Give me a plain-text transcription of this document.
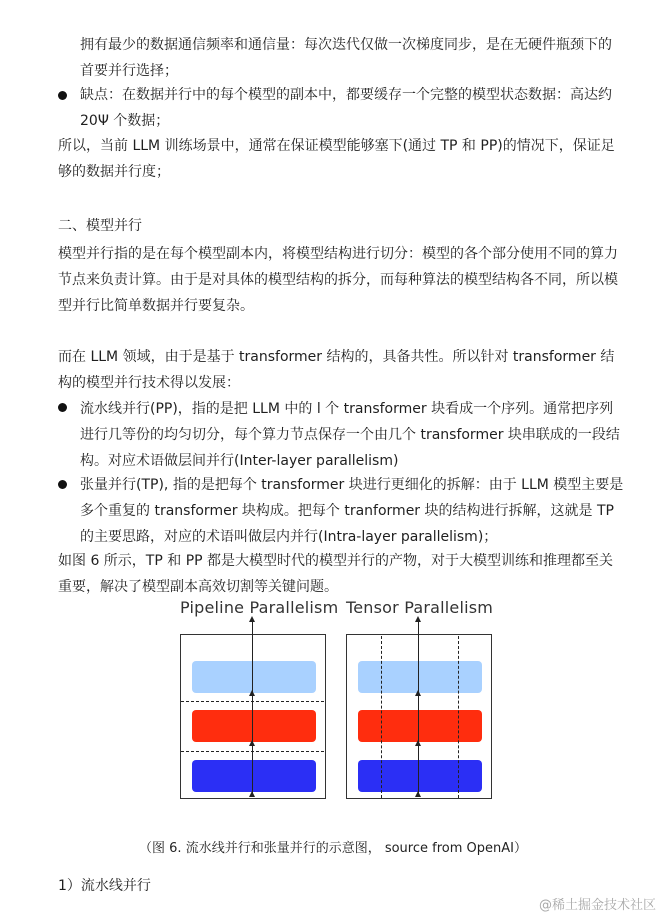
拥有最少的数据通信频率和通信量：每次迭代仅做一次梯度同步，是在无硬件瓶颈下的首要并行选择；

缺点：在数据并行中的每个模型的副本中，都要缓存一个完整的模型状态数据：高达约20Ψ 个数据；

所以，当前 LLM 训练场景中，通常在保证模型能够塞下(通过 TP 和 PP)的情况下，保证足够的数据并行度；

二、模型并行

模型并行指的是在每个模型副本内，将模型结构进行切分：模型的各个部分使用不同的算力节点来负责计算。由于是对具体的模型结构的拆分，而每种算法的模型结构各不同，所以模型并行比简单数据并行要复杂。

而在 LLM 领域，由于是基于 transformer 结构的，具备共性。所以针对 transformer 结构的模型并行技术得以发展：

流水线并行(PP)，指的是把 LLM 中的 l 个 transformer 块看成一个序列。通常把序列进行几等份的均匀切分，每个算力节点保存一个由几个 transformer 块串联成的一段结构。对应术语做层间并行(Inter-layer parallelism)

张量并行(TP), 指的是把每个 transformer 块进行更细化的拆解：由于 LLM 模型主要是多个重复的 transformer 块构成。把每个 tranformer 块的结构进行拆解，这就是 TP 的主要思路，对应的术语叫做层内并行(Intra-layer parallelism)；

如图 6 所示，TP 和 PP 都是大模型时代的模型并行的产物，对于大模型训练和推理都至关重要，解决了模型副本高效切割等关键问题。

Pipeline Parallelism Tensor Parallelism
（图 6. 流水线并行和张量并行的示意图， source from OpenAI）
1）流水线并行
@稀土掘金技术社区
